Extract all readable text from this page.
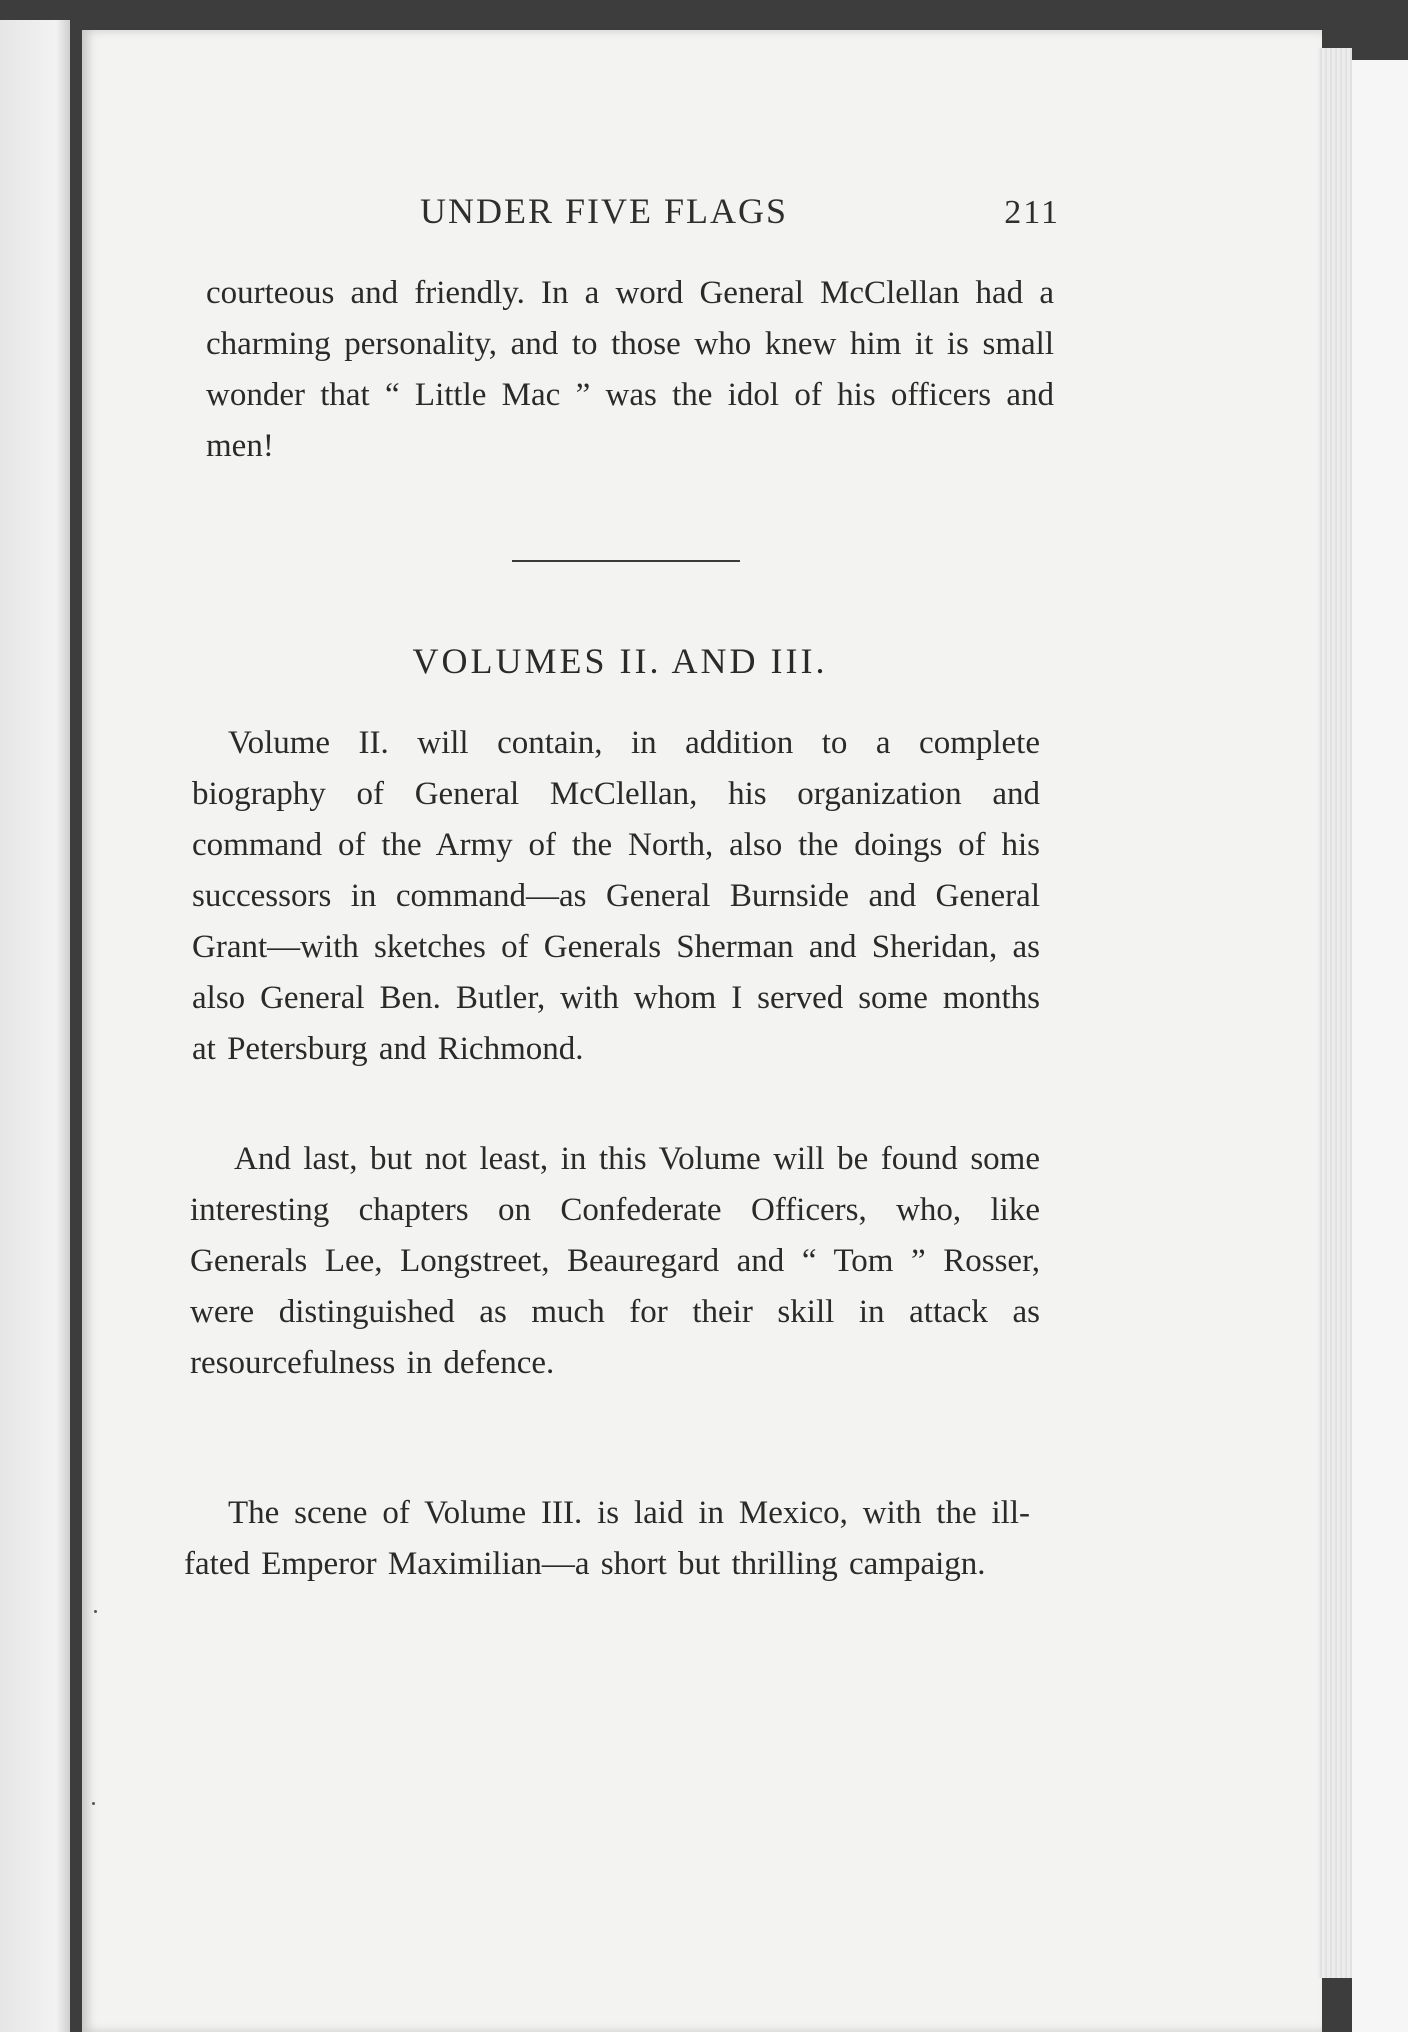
UNDER FIVE FLAGS	211

courteous and friendly. In a word General McClellan had a charming personality, and to those who knew him it is small wonder that “ Little Mac ” was the idol of his officers and men!

VOLUMES II. AND III.

Volume II. will contain, in addition to a complete biography of General McClellan, his organization and command of the Army of the North, also the doings of his successors in command—as General Burnside and General Grant—with sketches of Generals Sherman and Sheridan, as also General Ben. Butler, with whom I served some months at Petersburg and Richmond.

And last, but not least, in this Volume will be found some interesting chapters on Confederate Officers, who, like Generals Lee, Longstreet, Beauregard and “ Tom ” Rosser, were distinguished as much for their skill in attack as resourcefulness in defence.

The scene of Volume III. is laid in Mexico, with the ill-fated Emperor Maximilian—a short but thrilling campaign.
